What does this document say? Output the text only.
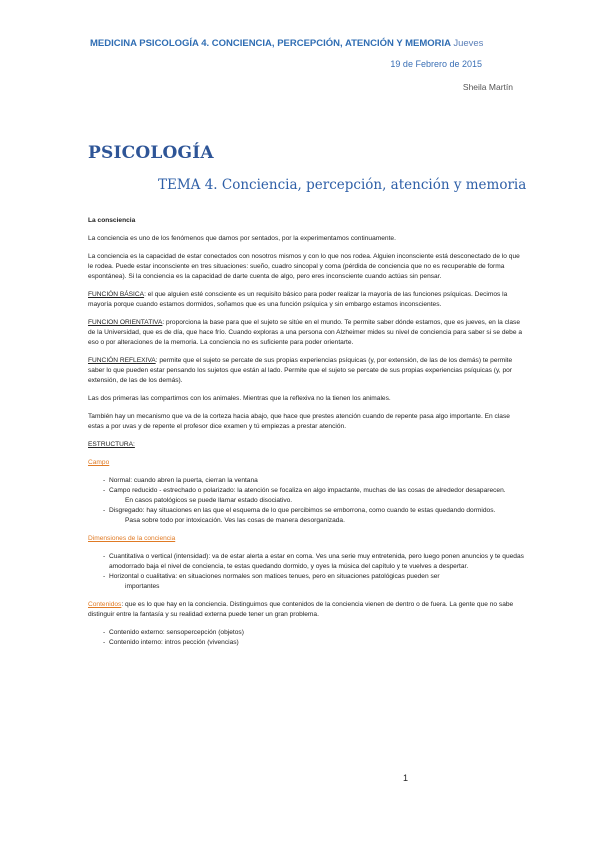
MEDICINA PSICOLOGÍA 4. CONCIENCIA, PERCEPCIÓN, ATENCIÓN Y MEMORIA Jueves
19 de Febrero de 2015
Sheila Martín
PSICOLOGÍA
TEMA 4. Conciencia, percepción, atención y memoria

La consciencia

La conciencia es uno de los fenómenos que damos por sentados, por la experimentamos continuamente.

La conciencia es la capacidad de estar conectados con nosotros mismos y con lo que nos rodea. Alguien inconsciente está desconectado de lo que le rodea. Puede estar inconsciente en tres situaciones: sueño, cuadro sincopal y coma (pérdida de conciencia que no es recuperable de forma espontánea). Si la conciencia es la capacidad de darte cuenta de algo, pero eres inconsciente cuando actúas sin pensar.

FUNCIÓN BÁSICA: el que alguien esté consciente es un requisito básico para poder realizar la mayoría de las funciones psíquicas. Decimos la mayoría porque cuando estamos dormidos, soñamos que es una función psíquica y sin embargo estamos inconscientes.

FUNCION ORIENTATIVA: proporciona la base para que el sujeto se sitúe en el mundo. Te permite saber dónde estamos, que es jueves, en la clase de la Universidad, que es de día, que hace frío. Cuando exploras a una persona con Alzheimer mides su nivel de conciencia para saber si se debe a eso o por alteraciones de la memoria. La conciencia no es suficiente para poder orientarte.

FUNCIÓN REFLEXIVA: permite que el sujeto se percate de sus propias experiencias psíquicas (y, por extensión, de las de los demás) te permite saber lo que pueden estar pensando los sujetos que están al lado. Permite que el sujeto se percate de sus propias experiencias psíquicas (y, por extensión, de las de los demás).

Las dos primeras las compartimos con los animales. Mientras que la reflexiva no la tienen los animales.

También hay un mecanismo que va de la corteza hacia abajo, que hace que prestes atención cuando de repente pasa algo importante. En clase estas a por uvas y de repente el profesor dice examen y tú empiezas a prestar atención.

ESTRUCTURA:

Campo

- Normal: cuando abren la puerta, cierran la ventana
- Campo reducido - estrechado o polarizado: la atención se focaliza en algo impactante, muchas de las cosas de alrededor desaparecen.
En casos patológicos se puede llamar estado disociativo.
- Disgregado: hay situaciones en las que el esquema de lo que percibimos se emborrona, como cuando te estas quedando dormidos.
Pasa sobre todo por intoxicación. Ves las cosas de manera desorganizada.

Dimensiones de la conciencia

- Cuantitativa o vertical (intensidad): va de estar alerta a estar en coma. Ves una serie muy entretenida, pero luego ponen anuncios y te quedas amodorrado baja el nivel de conciencia, te estas quedando dormido, y oyes la música del capítulo y te vuelves a despertar.
- Horizontal o cualitativa: en situaciones normales son matices tenues, pero en situaciones patológicas pueden ser
importantes

Contenidos: que es lo que hay en la conciencia. Distinguimos que contenidos de la conciencia vienen de dentro o de fuera. La gente que no sabe distinguir entre la fantasía y su realidad externa puede tener un gran problema.

- Contenido externo: sensopercepción (objetos)
- Contenido interno: intros pección (vivencias)
1
